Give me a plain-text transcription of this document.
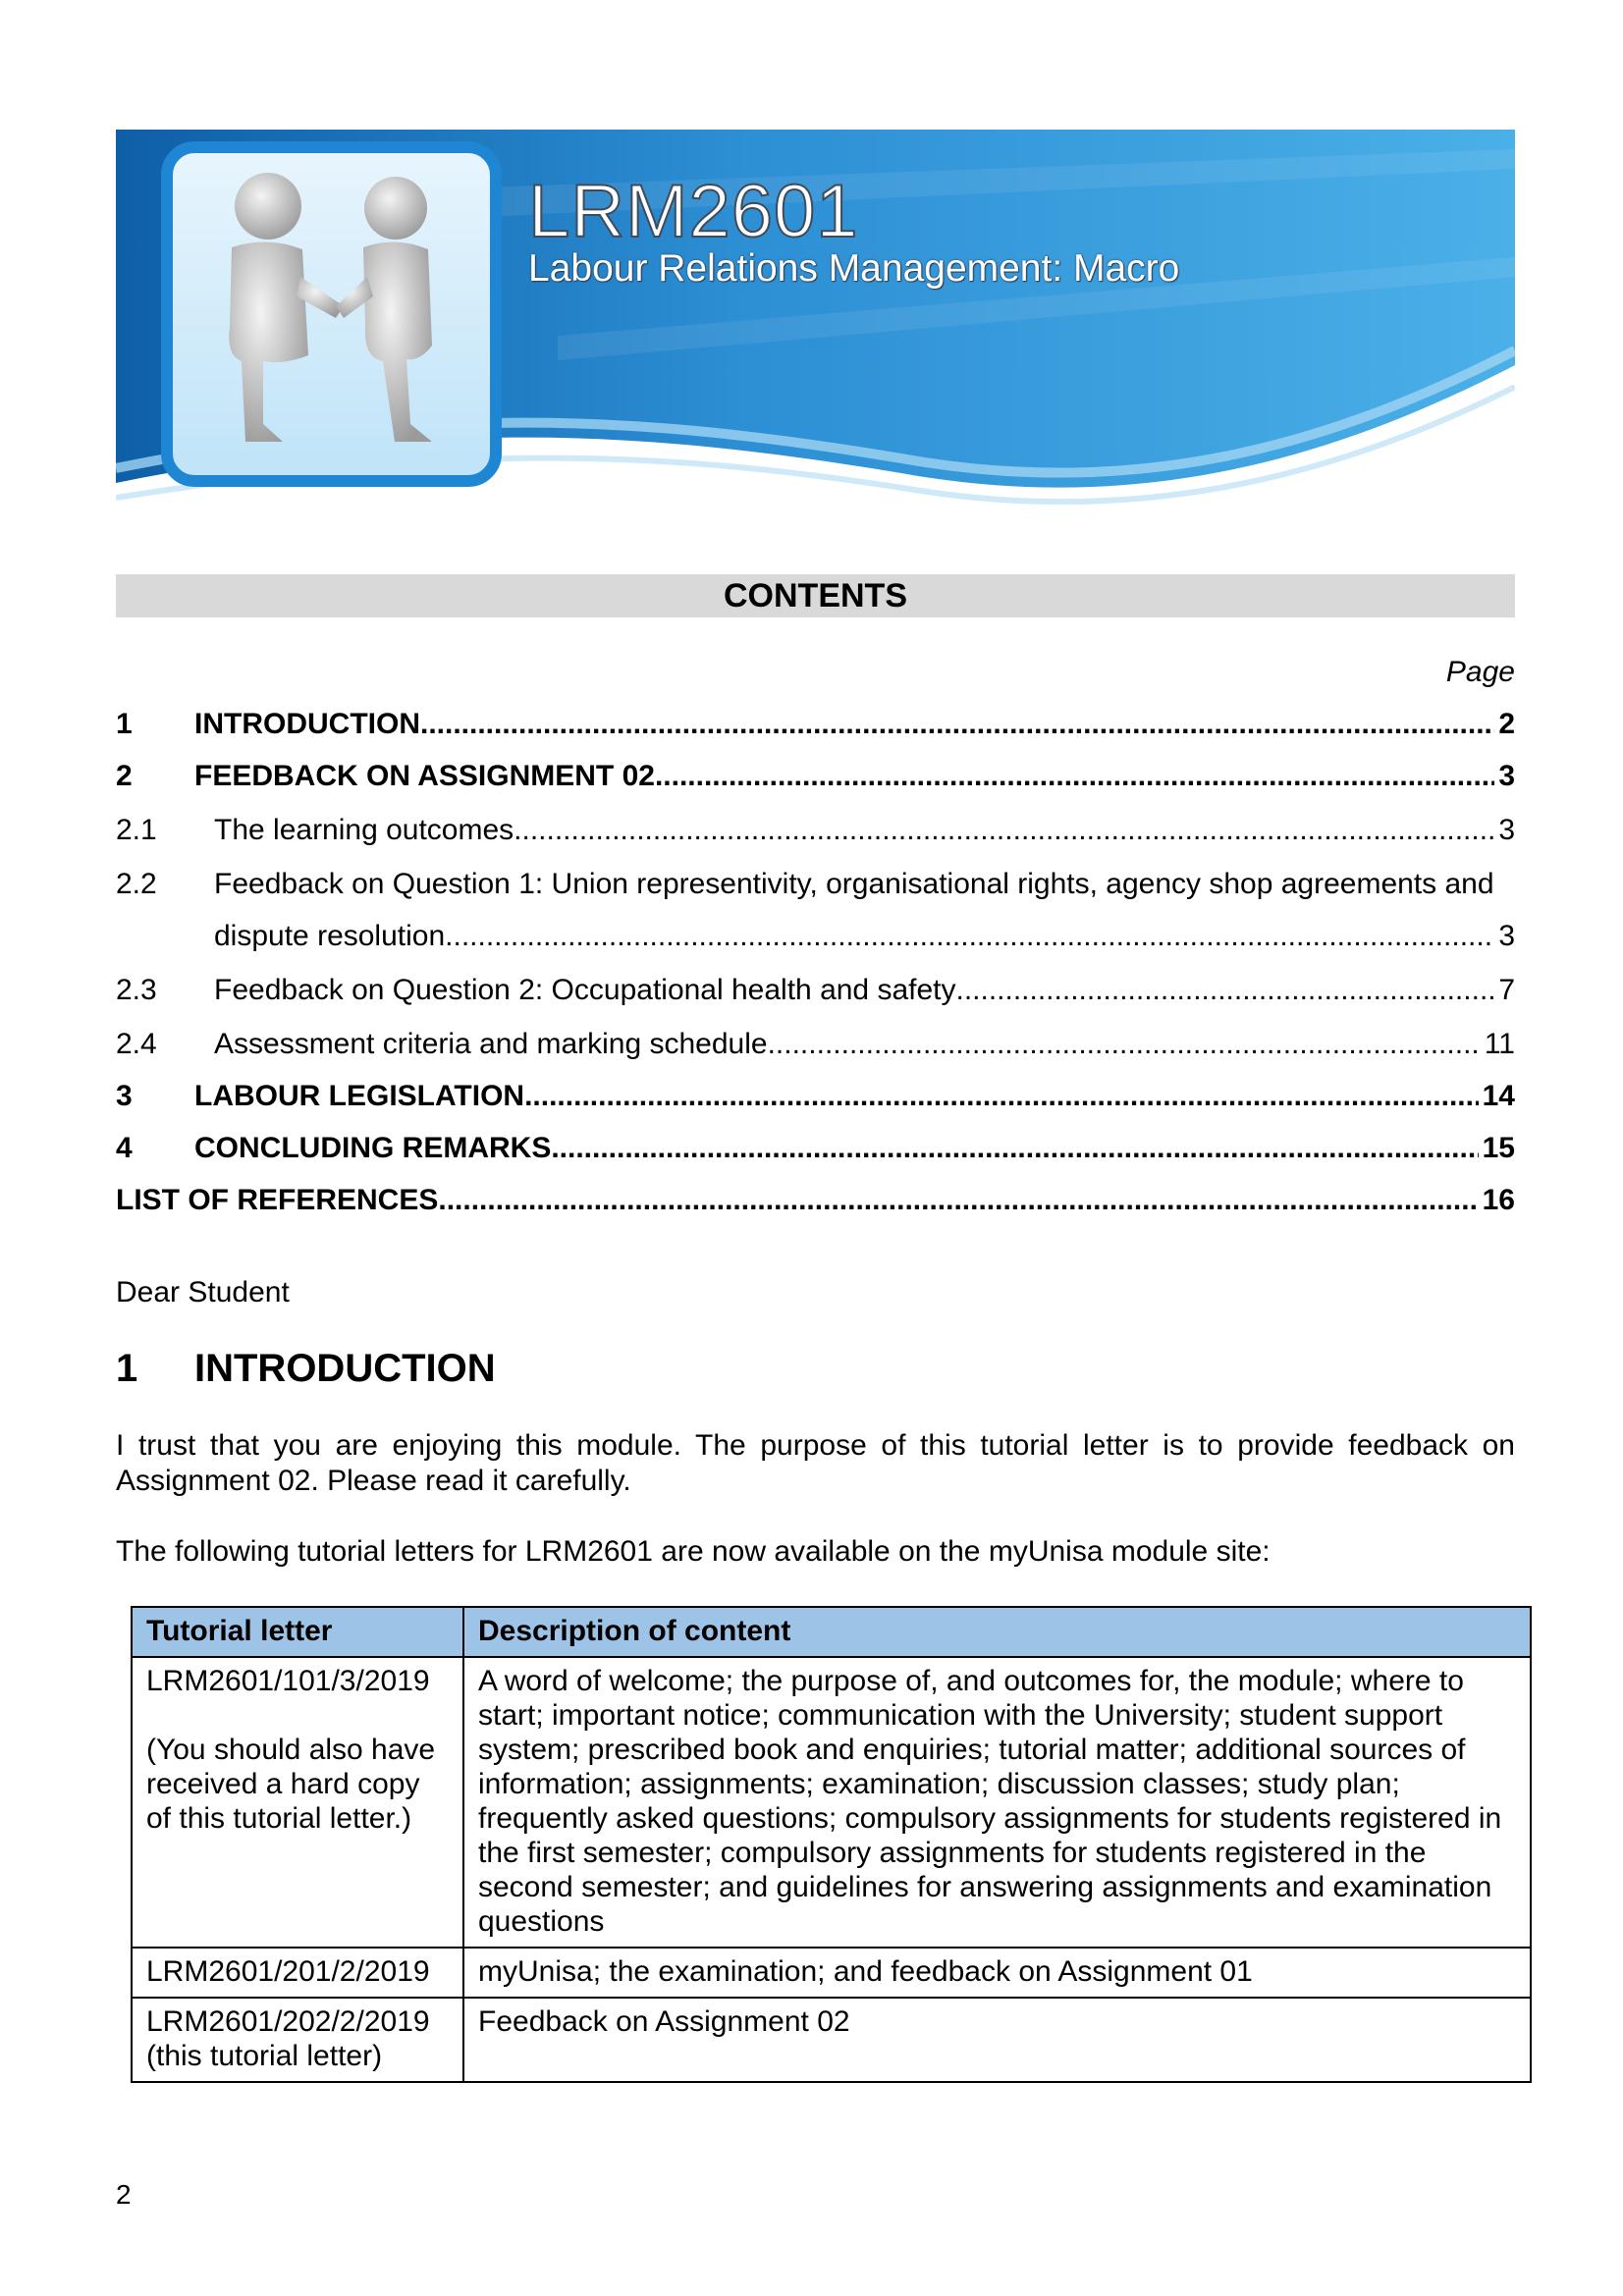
LRM2601
Labour Relations Management: Macro
CONTENTS
Page
1 INTRODUCTION .....	2
2 FEEDBACK ON ASSIGNMENT 02 .....	3
2.1 The learning outcomes .....	3
2.2 Feedback on Question 1: Union representivity, organisational rights, agency shop agreements and
dispute resolution .....	3
2.3 Feedback on Question 2: Occupational health and safety .....	7
2.4 Assessment criteria and marking schedule .....	11
3 LABOUR LEGISLATION .....	14
4 CONCLUDING REMARKS .....	15
LIST OF REFERENCES .....	16
Dear Student
1 INTRODUCTION
I trust that you are enjoying this module. The purpose of this tutorial letter is to provide feedback on Assignment 02. Please read it carefully.
The following tutorial letters for LRM2601 are now available on the myUnisa module site:
Tutorial letter	Description of content

LRM2601/101/3/2019
(You should also have received a hard copy of this tutorial letter.)	A word of welcome; the purpose of, and outcomes for, the module; where to start; important notice; communication with the University; student support system; prescribed book and enquiries; tutorial matter; additional sources of information; assignments; examination; discussion classes; study plan; frequently asked questions; compulsory assignments for students registered in the first semester; compulsory assignments for students registered in the second semester; and guidelines for answering assignments and examination questions

LRM2601/201/2/2019	myUnisa; the examination; and feedback on Assignment 01

LRM2601/202/2/2019
(this tutorial letter)	Feedback on Assignment 02
2
